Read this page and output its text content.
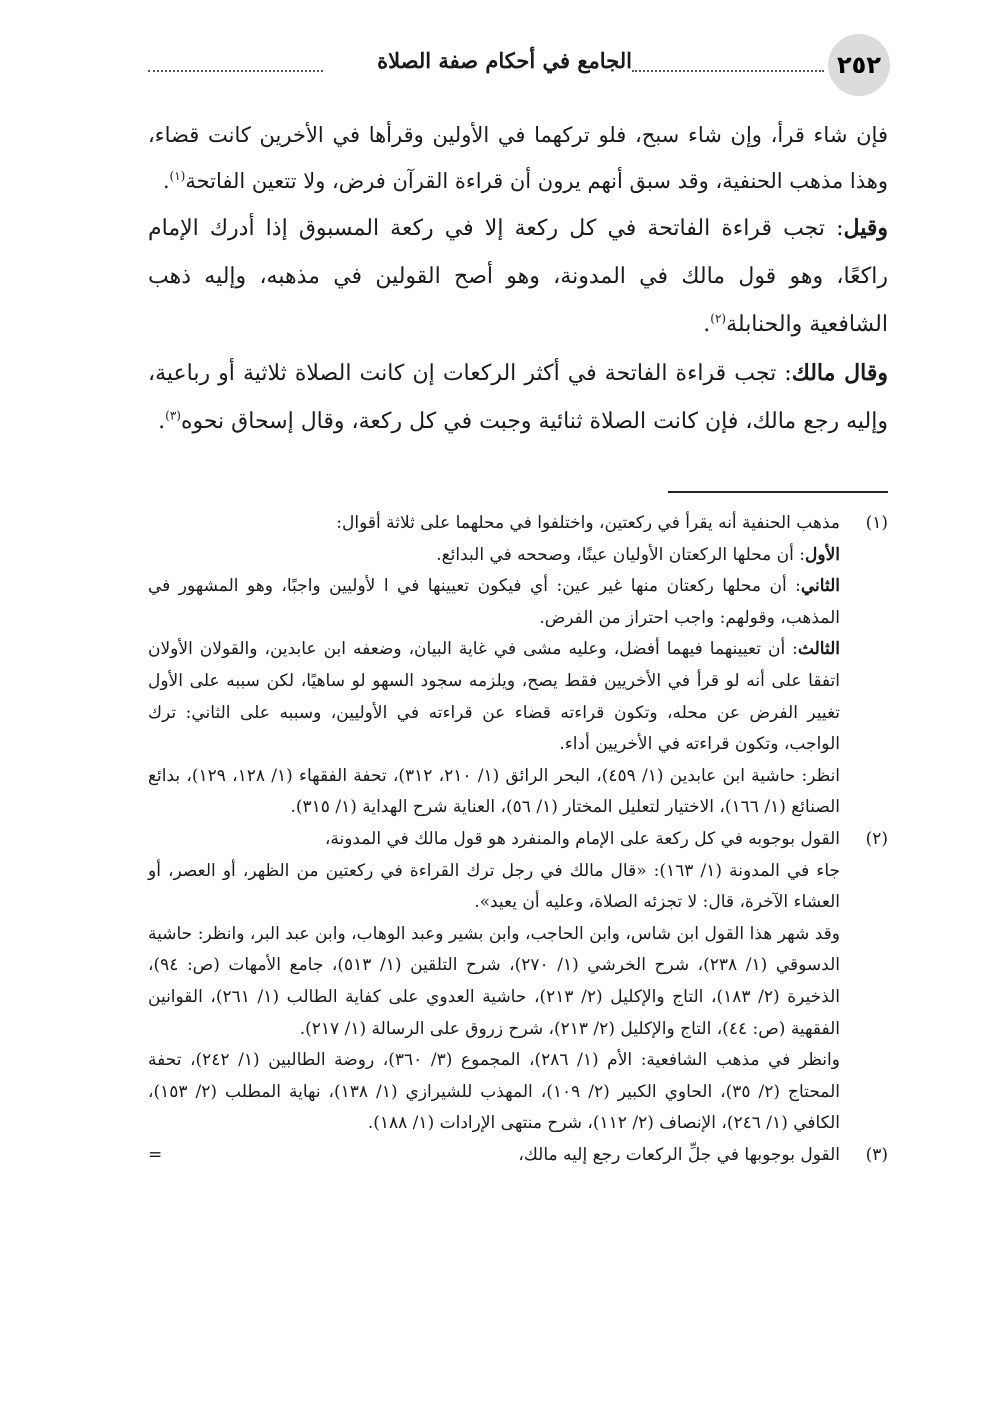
٢٥٢
الجامع في أحكام صفة الصلاة

فإن شاء قرأ، وإن شاء سبح، فلو تركهما في الأولين وقرأها في الأخرين كانت قضاء، وهذا مذهب الحنفية، وقد سبق أنهم يرون أن قراءة القرآن فرض، ولا تتعين الفاتحة$^{(١)}$.

وقيل: تجب قراءة الفاتحة في كل ركعة إلا في ركعة المسبوق إذا أدرك الإمام راكعًا، وهو قول مالك في المدونة، وهو أصح القولين في مذهبه، وإليه ذهب الشافعية والحنابلة$^{(٢)}$.

وقال مالك: تجب قراءة الفاتحة في أكثر الركعات إن كانت الصلاة ثلاثية أو رباعية، وإليه رجع مالك، فإن كانت الصلاة ثنائية وجبت في كل ركعة، وقال إسحاق نحوه$^{(٣)}$.

(١)

مذهب الحنفية أنه يقرأ في ركعتين، واختلفوا في محلهما على ثلاثة أقوال:

الأول: أن محلها الركعتان الأوليان عينًا، وصححه في البدائع.

الثاني: أن محلها ركعتان منها غير عين: أي فيكون تعيينها في ا لأوليين واجبًا، وهو المشهور في المذهب، وقولهم: واجب احتراز من الفرض.

الثالث: أن تعيينهما فيهما أفضل، وعليه مشى في غاية البيان، وضعفه ابن عابدين، والقولان الأولان اتفقا على أنه لو قرأ في الأخريين فقط يصح، ويلزمه سجود السهو لو ساهيًا، لكن سببه على الأول تغيير الفرض عن محله، وتكون قراءته قضاء عن قراءته في الأوليين، وسببه على الثاني: ترك الواجب، وتكون قراءته في الأخريين أداء.

انظر: حاشية ابن عابدين (١/ ٤٥٩)، البحر الرائق (١/ ٢١٠، ٣١٢)، تحفة الفقهاء (١/ ١٢٨، ١٢٩)، بدائع الصنائع (١/ ١٦٦)، الاختيار لتعليل المختار (١/ ٥٦)، العناية شرح الهداية (١/ ٣١٥).

(٢)

القول بوجوبه في كل ركعة على الإمام والمنفرد هو قول مالك في المدونة،

جاء في المدونة (١/ ١٦٣): «قال مالك في رجل ترك القراءة في ركعتين من الظهر، أو العصر، أو العشاء الآخرة، قال: لا تجزئه الصلاة، وعليه أن يعيد».

وقد شهر هذا القول ابن شاس، وابن الحاجب، وابن بشير وعبد الوهاب، وابن عبد البر، وانظر: حاشية الدسوقي (١/ ٢٣٨)، شرح الخرشي (١/ ٢٧٠)، شرح التلقين (١/ ٥١٣)، جامع الأمهات (ص: ٩٤)، الذخيرة (٢/ ١٨٣)، التاج والإكليل (٢/ ٢١٣)، حاشية العدوي على كفاية الطالب (١/ ٢٦١)، القوانين الفقهية (ص: ٤٤)، التاج والإكليل (٢/ ٢١٣)، شرح زروق على الرسالة (١/ ٢١٧).

وانظر في مذهب الشافعية: الأم (١/ ٢٨٦)، المجموع (٣/ ٣٦٠)، روضة الطالبين (١/ ٢٤٢)، تحفة المحتاج (٢/ ٣٥)، الحاوي الكبير (٢/ ١٠٩)، المهذب للشيرازي (١/ ١٣٨)، نهاية المطلب (٢/ ١٥٣)، الكافي (١/ ٢٤٦)، الإنصاف (٢/ ١١٢)، شرح منتهى الإرادات (١/ ١٨٨).

(٣)

القول بوجوبها في جلِّ الركعات رجع إليه مالك،

=
